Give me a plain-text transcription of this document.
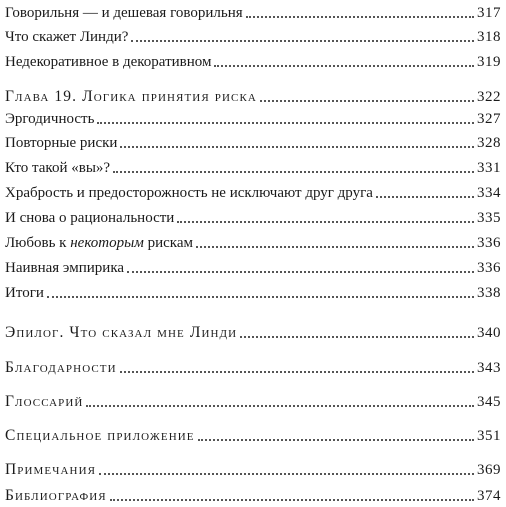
Говорильня — и дешевая говорильня	317
Что скажет Линди?	318
Недекоративное в декоративном	319
Глава 19. Логика принятия риска	322
Эргодичность	327
Повторные риски	328
Кто такой «вы»?	331
Храбрость и предосторожность не исключают друг друга	334
И снова о рациональности	335
Любовь к некоторым рискам	336
Наивная эмпирика	336
Итоги	338
Эпилог. Что сказал мне Линди	340
Благодарности	343
Глоссарий	345
Специальное приложение	351
Примечания	369
Библиография	374
